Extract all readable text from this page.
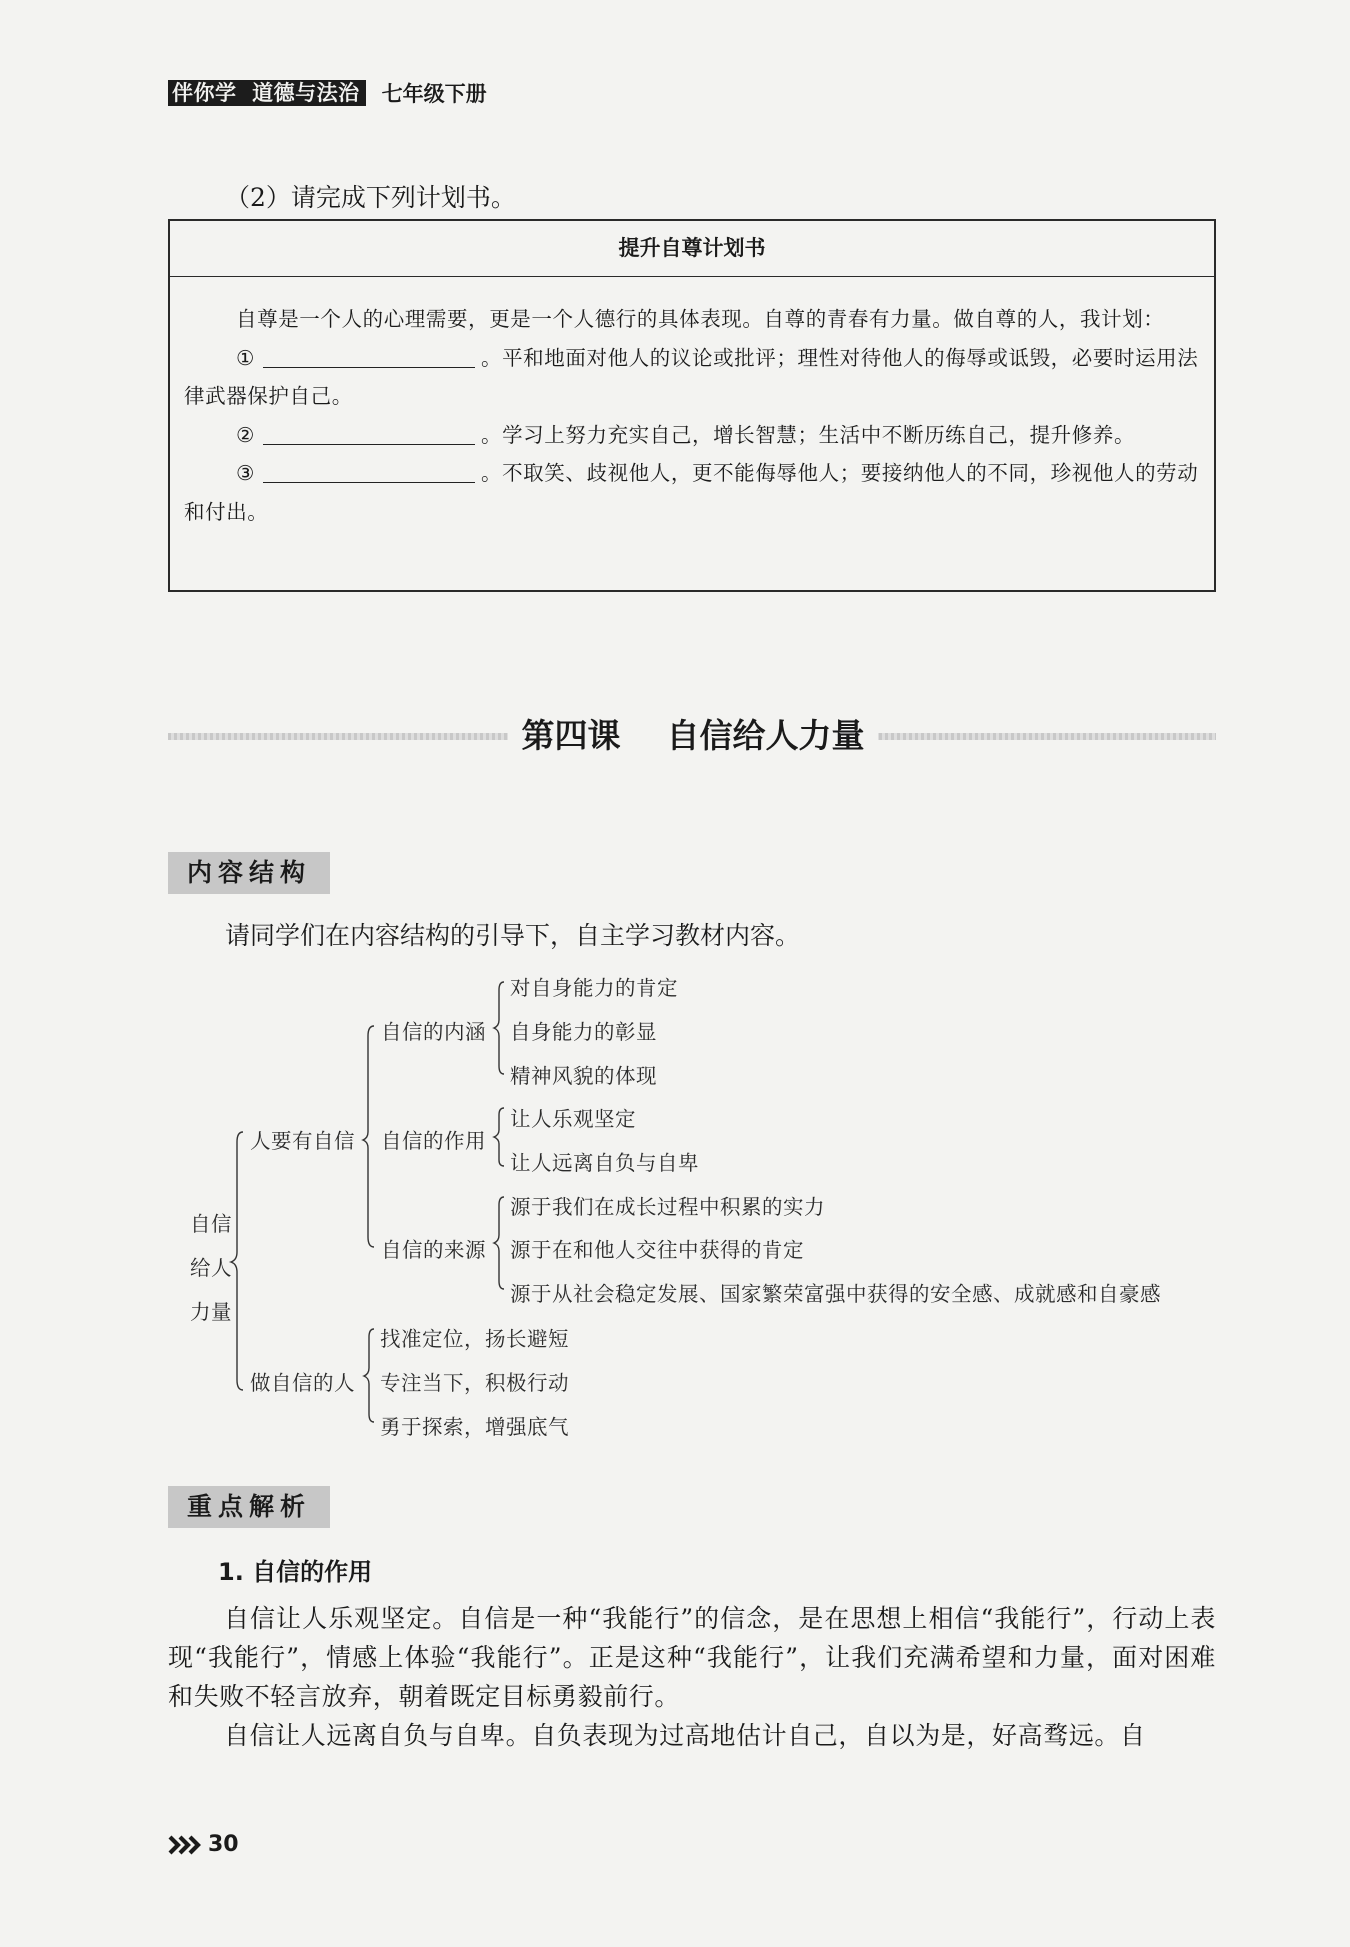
伴你学  道德与法治 七年级下册
（2）请完成下列计划书。
提升自尊计划书

自尊是一个人的心理需要，更是一个人德行的具体表现。自尊的青春有力量。做自尊的人，我计划：

①	。平和地面对他人的议论或批评；理性对待他人的侮辱或诋毁，必要时运用法律武器保护自己。

②	。学习上努力充实自己，增长智慧；生活中不断历练自己，提升修养。

③	。不取笑、歧视他人，更不能侮辱他人；要接纳他人的不同，珍视他人的劳动和付出。

第四课    自信给人力量
内容结构
请同学们在内容结构的引导下，自主学习教材内容。
自信
给人
力量
人要有自信
做自信的人
自信的内涵
自信的作用
自信的来源
对自身能力的肯定
自身能力的彰显
精神风貌的体现
让人乐观坚定
让人远离自负与自卑
源于我们在成长过程中积累的实力
源于在和他人交往中获得的肯定
源于从社会稳定发展、国家繁荣富强中获得的安全感、成就感和自豪感
找准定位，扬长避短
专注当下，积极行动
勇于探索，增强底气
重点解析
1. 自信的作用

自信让人乐观坚定。自信是一种“我能行”的信念，是在思想上相信“我能行”，行动上表现“我能行”，情感上体验“我能行”。正是这种“我能行”，让我们充满希望和力量，面对困难和失败不轻言放弃，朝着既定目标勇毅前行。

自信让人远离自负与自卑。自负表现为过高地估计自己，自以为是，好高骛远。自

30
